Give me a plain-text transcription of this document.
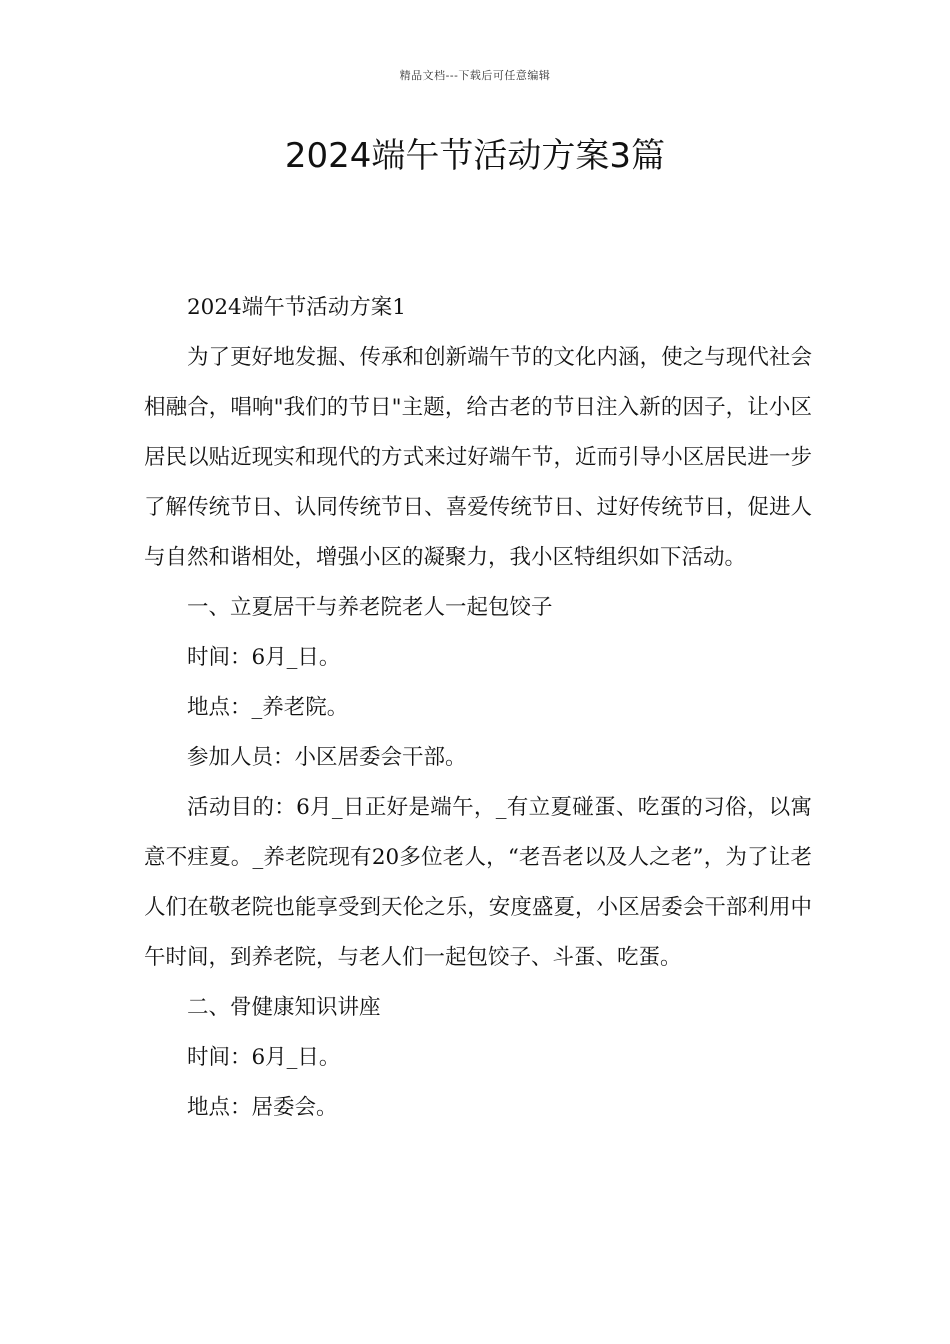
精品文档---下载后可任意编辑
2024端午节活动方案3篇

2024端午节活动方案1

为了更好地发掘、传承和创新端午节的文化内涵，使之与现代社会相融合，唱响"我们的节日"主题，给古老的节日注入新的因子，让小区居民以贴近现实和现代的方式来过好端午节，近而引导小区居民进一步了解传统节日、认同传统节日、喜爱传统节日、过好传统节日，促进人与自然和谐相处，增强小区的凝聚力，我小区特组织如下活动。

一、立夏居干与养老院老人一起包饺子

时间：6月_日。

地点：_养老院。

参加人员：小区居委会干部。

活动目的：6月_日正好是端午，_有立夏碰蛋、吃蛋的习俗，以寓意不疰夏。_养老院现有20多位老人，“老吾老以及人之老”，为了让老人们在敬老院也能享受到天伦之乐，安度盛夏，小区居委会干部利用中午时间，到养老院，与老人们一起包饺子、斗蛋、吃蛋。

二、骨健康知识讲座

时间：6月_日。

地点：居委会。
